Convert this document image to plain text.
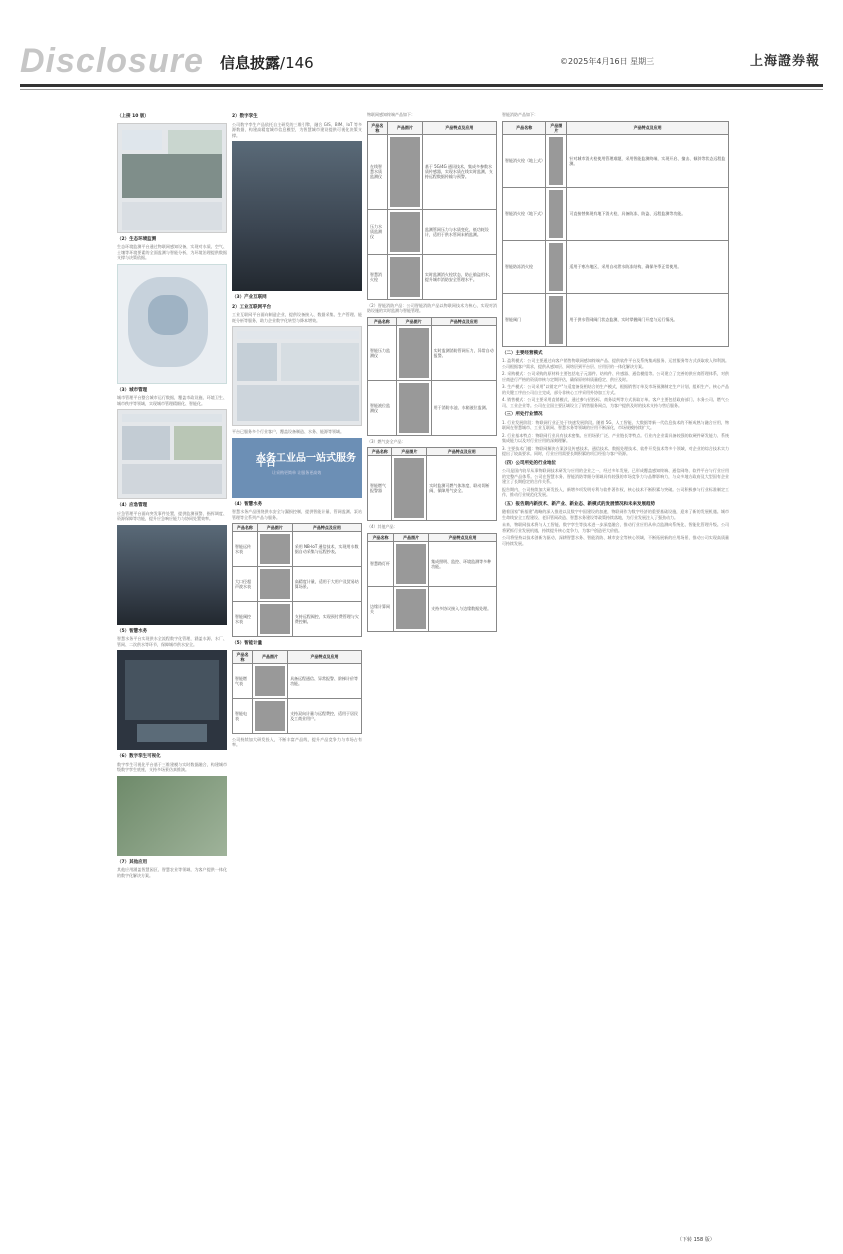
Disclosure 信息披露/146	©2025年4月16日 星期三	上海證券報
（上接 10 版）
（2）生态环境监测
生态环境监测平台通过物联网感知设备，实现对水质、空气、土壤等环境要素的全面监测与智能分析，为环境治理提供数据支撑与决策依据。
（3）城市管理
城市管理平台整合城市运行数据，覆盖市政设施、环境卫生、城市秩序等领域，实现城市管理精细化、智能化。
（4）应急管理
应急管理平台面向突发事件处置，提供监测预警、指挥调度、资源保障等功能，提升应急响应能力与协同处置效率。
（5）智慧水务
智慧水务平台实现供水全流程数字化管理，涵盖水源、水厂、管网、二次供水等环节，保障城市供水安全。
（6）数字孪生可视化
数字孪生可视化平台基于三维建模与实时数据融合，构建城市级数字孪生底座，支持多场景仿真推演。
（7）其他应用
其他应用涵盖智慧园区、智慧农业等领域，为客户提供一体化的数字化解决方案。
2）数字孪生
公司数字孪生产品依托自主研发的三维引擎，融合 GIS、BIM、IoT 等多源数据，构建高精度城市信息模型，为智慧城市建设提供可视化决策支撑。
（3）产业互联网
2）工业互联网平台
工业互联网平台面向制造企业，提供设备接入、数据采集、生产管理、能耗分析等服务，助力企业数字化转型与降本增效。
平台已服务多个行业客户，覆盖设备制造、水务、能源等领域。
水务工业品一站式服务平台
让采购更简单 让服务更高效
（4）智慧水务
智慧水务产品围绕供水安全与漏损控制，提供智能计量、管网监测、泵站管理等全系列产品与服务。
产品名称	产品图片	产品特点及应用
智能远传水表		采用 NB-IoT 通信技术，实现用水数据自动采集与远程抄表。
大口径超声波水表		高精度计量，适用于大用户及贸易结算场景。
智能阀控水表		支持远程阀控，实现预付费管理与欠费控制。
（5）智能计量
产品名称	产品图片	产品特点及应用
智能燃气表		具备远程通信、异常报警、阶梯计价等功能。
智能电表		支持双向计量与远程费控，适用于居民及工商业用户。
公司持续加大研发投入，不断丰富产品线，提升产品竞争力与市场占有率。
物联网感知终端产品如下：
产品名称	产品图片	产品特点及应用
在线智慧水质监测仪		基于 5G/4G 通讯技术，集成多参数水质传感器，实现水质在线实时监测，支持远程数据传输与预警。
压力水质监测仪		监测管网压力与水质变化，低功耗设计，适用于供水管网末梢监测。
智慧消火栓		实时监测消火栓状态，防止偷盗用水，提升城市消防安全管理水平。
（2）智能消防产品：公司智能消防产品以物联网技术为核心，实现对消防设施的实时监测与智能管理。
产品名称	产品图片	产品特点及应用
智能压力监测仪		实时监测消防管网压力，异常自动报警。
智能液位监测仪		用于消防水池、水箱液位监测。
（3）燃气安全产品：
产品名称	产品图片	产品特点及应用
智能燃气报警器		实时监测可燃气体浓度，联动切断阀，保障用气安全。
（4）其他产品：
产品名称	产品图片	产品特点及应用
智慧路灯杆		集成照明、监控、环境监测等多种功能。
边缘计算网关		支持多协议接入与边缘数据处理。
智能消防产品如下：
产品名称	产品图片	产品特点及应用
智能消火栓（地上式）		针对城市消火栓使用管理难题，采用智能监测终端，实现开启、撞击、倾斜等状态远程监测。
智能消火栓（地下式）		可直接替换现有地下消火栓，具备防冻、防盗、远程监测等功能。
智能防冻消火栓		适用于寒冷地区，采用自动泄水防冻结构，确保冬季正常使用。
智能阀门		用于供水管网阀门状态监测，实时掌握阀门开度与运行情况。
（二）主要经营模式
1. 盈利模式：公司主要通过向客户销售物联网感知终端产品、提供软件平台及系统集成服务、运营服务等方式获取收入和利润。公司根据客户需求，提供从感知层、网络层到平台层、应用层的一体化解决方案。
2. 采购模式：公司采购的原材料主要包括电子元器件、结构件、传感器、通信模组等。公司建立了完善的供应商管理体系，对供应商进行严格的资质审核与定期评估，确保原材料质量稳定、供应及时。
3. 生产模式：公司采用"以销定产"与适度备货相结合的生产模式，根据销售订单及市场预测制定生产计划，组织生产。核心产品的关键工序由公司自主完成，部分非核心工序采用外协加工方式。
4. 销售模式：公司主要采用直销模式，通过参与招投标、商务谈判等方式获取订单。客户主要包括政府部门、水务公司、燃气公司、工业企业等。公司在全国主要区域设立了销售服务网点，为客户提供及时的技术支持与售后服务。
（三）所处行业情况
1. 行业发展阶段：物联网行业正处于快速发展阶段。随着 5G、人工智能、大数据等新一代信息技术的不断成熟与融合应用，物联网在智慧城市、工业互联网、智慧水务等领域的应用不断深化，市场规模持续扩大。
2. 行业基本特点：物联网行业具有技术密集、应用场景广泛、产业链长等特点。行业内企业需具备较强的软硬件研发能力、系统集成能力以及对行业应用的深刻理解。
3. 主要技术门槛：物联网解决方案涉及传感技术、通信技术、数据处理技术、软件开发技术等多个领域，对企业的综合技术实力提出了较高要求。同时，行业应用需要长期积累的项目经验与客户资源。
（四）公司所处的行业地位
公司是国内较早从事物联网技术研发与应用的企业之一，经过多年发展，已形成覆盖感知终端、通信网络、软件平台与行业应用的完整产品体系。公司在智慧水务、智能消防等细分领域具有较强的市场竞争力与品牌影响力，与众多地方政府及大型国有企业建立了长期稳定的合作关系。
报告期内，公司持续加大研发投入，新增多项发明专利与软件著作权，核心技术不断积累与突破。公司积极参与行业标准制定工作，推动行业规范化发展。
（五）报告期内新技术、新产业、新业态、新模式的发展情况和未来发展趋势
随着国家"新基建"战略的深入推进以及数字中国建设的加速，物联网作为数字经济的重要基础设施，迎来了新的发展机遇。城市生命线安全工程建设、老旧管网改造、智慧水务建设等政策持续落地，为行业发展注入了强劲动力。
未来，物联网技术将与人工智能、数字孪生等技术进一步深度融合，推动行业应用从单点监测向系统化、智能化管理升级。公司将紧抓行业发展机遇，持续提升核心竞争力，为客户创造更大价值。
公司将坚持以技术创新为驱动，深耕智慧水务、智能消防、城市安全等核心领域，不断拓展新的应用场景，推动公司实现高质量可持续发展。
（下转 158 版）
